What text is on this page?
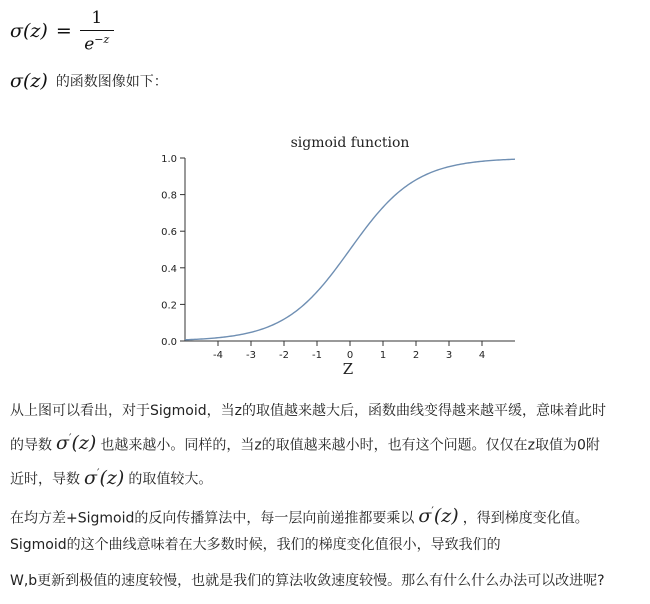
$\sigma(z) = \frac{1}{e^{-z}}$
σ(z) 的函数图像如下：
sigmoid function
Z
0.0
0.2
0.4
0.6
0.8
1.0
-4 -3 -2 -1 0	1	2	3	4
从上图可以看出，对于Sigmoid，当z的取值越来越大后，函数曲线变得越来越平缓，意味着此时
的导数 σ′(z) 也越来越小。同样的，当z的取值越来越小时，也有这个问题。仅仅在z取值为0附
近时，导数 σ′(z) 的取值较大。
在均方差+Sigmoid的反向传播算法中，每一层向前递推都要乘以 σ′(z) ，得到梯度变化值。
Sigmoid的这个曲线意味着在大多数时候，我们的梯度变化值很小，导致我们的
W,b更新到极值的速度较慢，也就是我们的算法收敛速度较慢。那么有什么什么办法可以改进呢?
